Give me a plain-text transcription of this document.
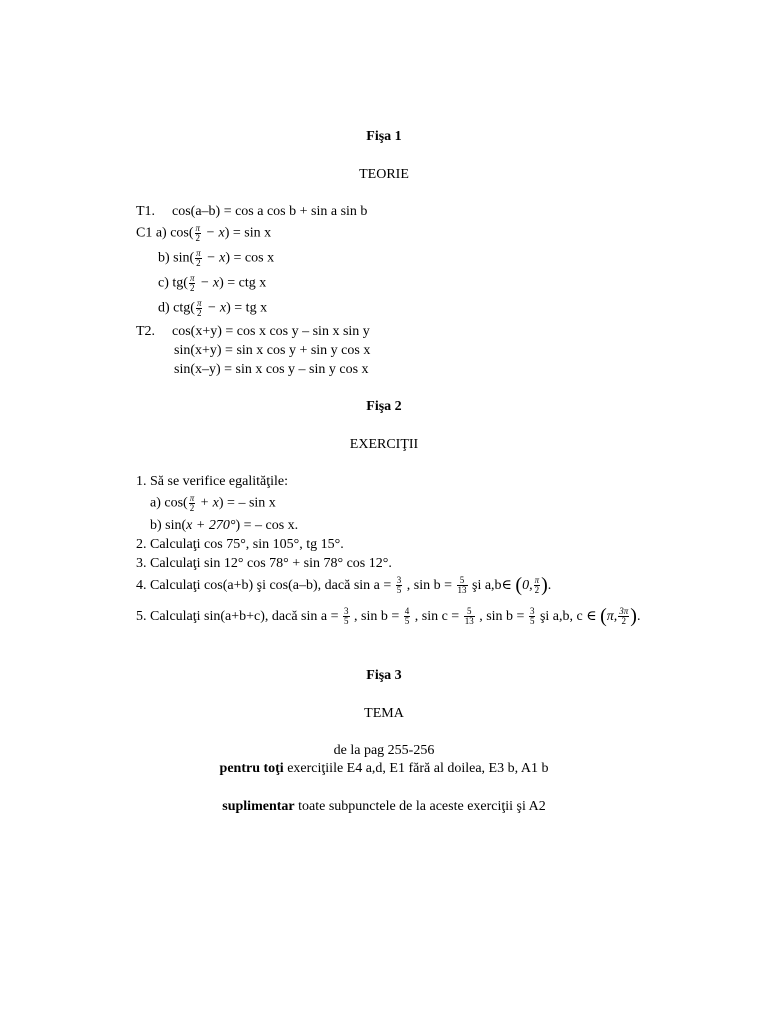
Fişa 1
TEORIE
T1. cos(a–b) = cos a cos b + sin a sin b
C1 a) $\cos( \frac{\pi}{2} - x) = \sin x$
b) $\sin( \frac{\pi}{2} - x) = \cos x$
c) $tg( \frac{\pi}{2} - x)$ = ctg x
d) $ctg( \frac{\pi}{2} - x)$ = tg x
T2. cos(x+y) = cos x cos y – sin x sin y
sin(x+y) = sin x cos y + sin y cos x
sin(x–y) = sin x cos y – sin y cos x
Fişa 2
EXERCIŢII
1. Să se verifice egalităţile:
a) $\cos( \frac{\pi}{2} + x)$ = – sin x
b) sin(x + 270°) = – cos x.
2. Calculaţi cos 75°, sin 105°, tg 15°.
3. Calculaţi sin 12° cos 78° + sin 78° cos 12°.
4. Calculaţi cos(a+b) şi cos(a–b), dacă $\sin a = \frac{3}{5}$ , $\sin b = \frac{5}{13}$ şi a,b∈ (0, $\frac{\pi}{2}$ ).
5. Calculaţi sin(a+b+c), dacă $\sin a = \frac{3}{5}$ , $\sin b = \frac{4}{5}$ , $\sin c = \frac{5}{13}$ , $\sin b = \frac{3}{5}$ şi a,b, c ∈ (π, $\frac{3\pi}{2}$ ).
Fişa 3
TEMA
de la pag 255-256
pentru toţi exerciţiile E4 a,d, E1 fără al doilea, E3 b, A1 b
suplimentar toate subpunctele de la aceste exerciţii şi A2
